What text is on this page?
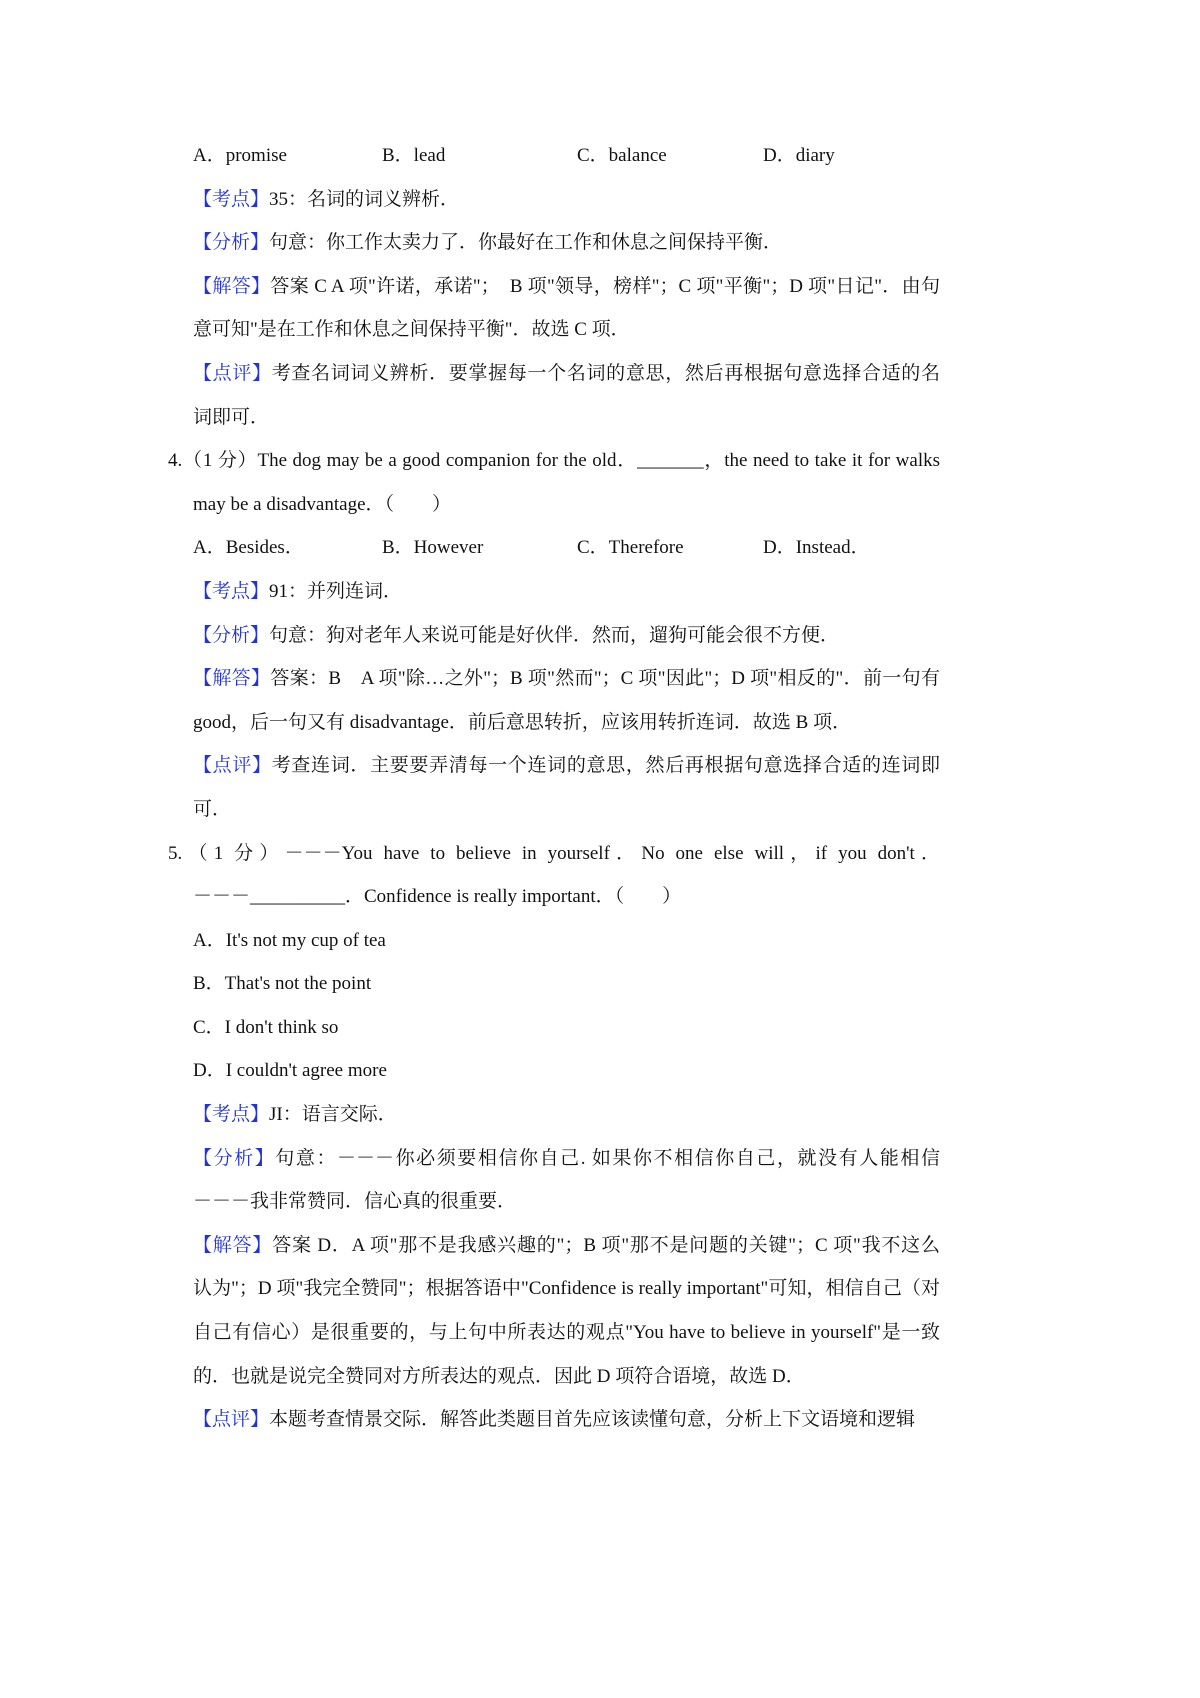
A．promise	B．lead	C．balance	D．diary
【考点】35：名词的词义辨析．
【分析】句意：你工作太卖力了．你最好在工作和休息之间保持平衡．
【解答】答案 C A 项"许诺，承诺"；　B 项"领导，榜样"；C 项"平衡"；D 项"日记"．由句
意可知"是在工作和休息之间保持平衡"．故选 C 项．
【点评】考查名词词义辨析．要掌握每一个名词的意思，然后再根据句意选择合适的名
词即可．
4.（1 分）The dog may be a good companion for the old．_______，the need to take it for walks
may be a disadvantage．（　　）
A．Besides．	B．However	C．Therefore	D．Instead．
【考点】91：并列连词．
【分析】句意：狗对老年人来说可能是好伙伴．然而，遛狗可能会很不方便．
【解答】答案：B　A 项"除…之外"；B 项"然而"；C 项"因此"；D 项"相反的"．前一句有
good，后一句又有 disadvantage．前后意思转折，应该用转折连词．故选 B 项．
【点评】考查连词．主要要弄清每一个连词的意思，然后再根据句意选择合适的连词即
可．
5.（1 分）－－－You have to believe in yourself．No one else will，if you don't．
－－－__________．Confidence is really important．（　　）
A．It's not my cup of tea
B．That's not the point
C．I don't think so
D．I couldn't agree more
【考点】JI：语言交际．
【分析】句意：－－－你必须要相信你自己. 如果你不相信你自己，就没有人能相信
－－－我非常赞同．信心真的很重要．
【解答】答案 D．A 项"那不是我感兴趣的"；B 项"那不是问题的关键"；C 项"我不这么
认为"；D 项"我完全赞同"；根据答语中"Confidence is really important"可知，相信自己（对
自己有信心）是很重要的，与上句中所表达的观点"You have to believe in yourself"是一致
的．也就是说完全赞同对方所表达的观点．因此 D 项符合语境，故选 D．
【点评】本题考查情景交际．解答此类题目首先应该读懂句意，分析上下文语境和逻辑
